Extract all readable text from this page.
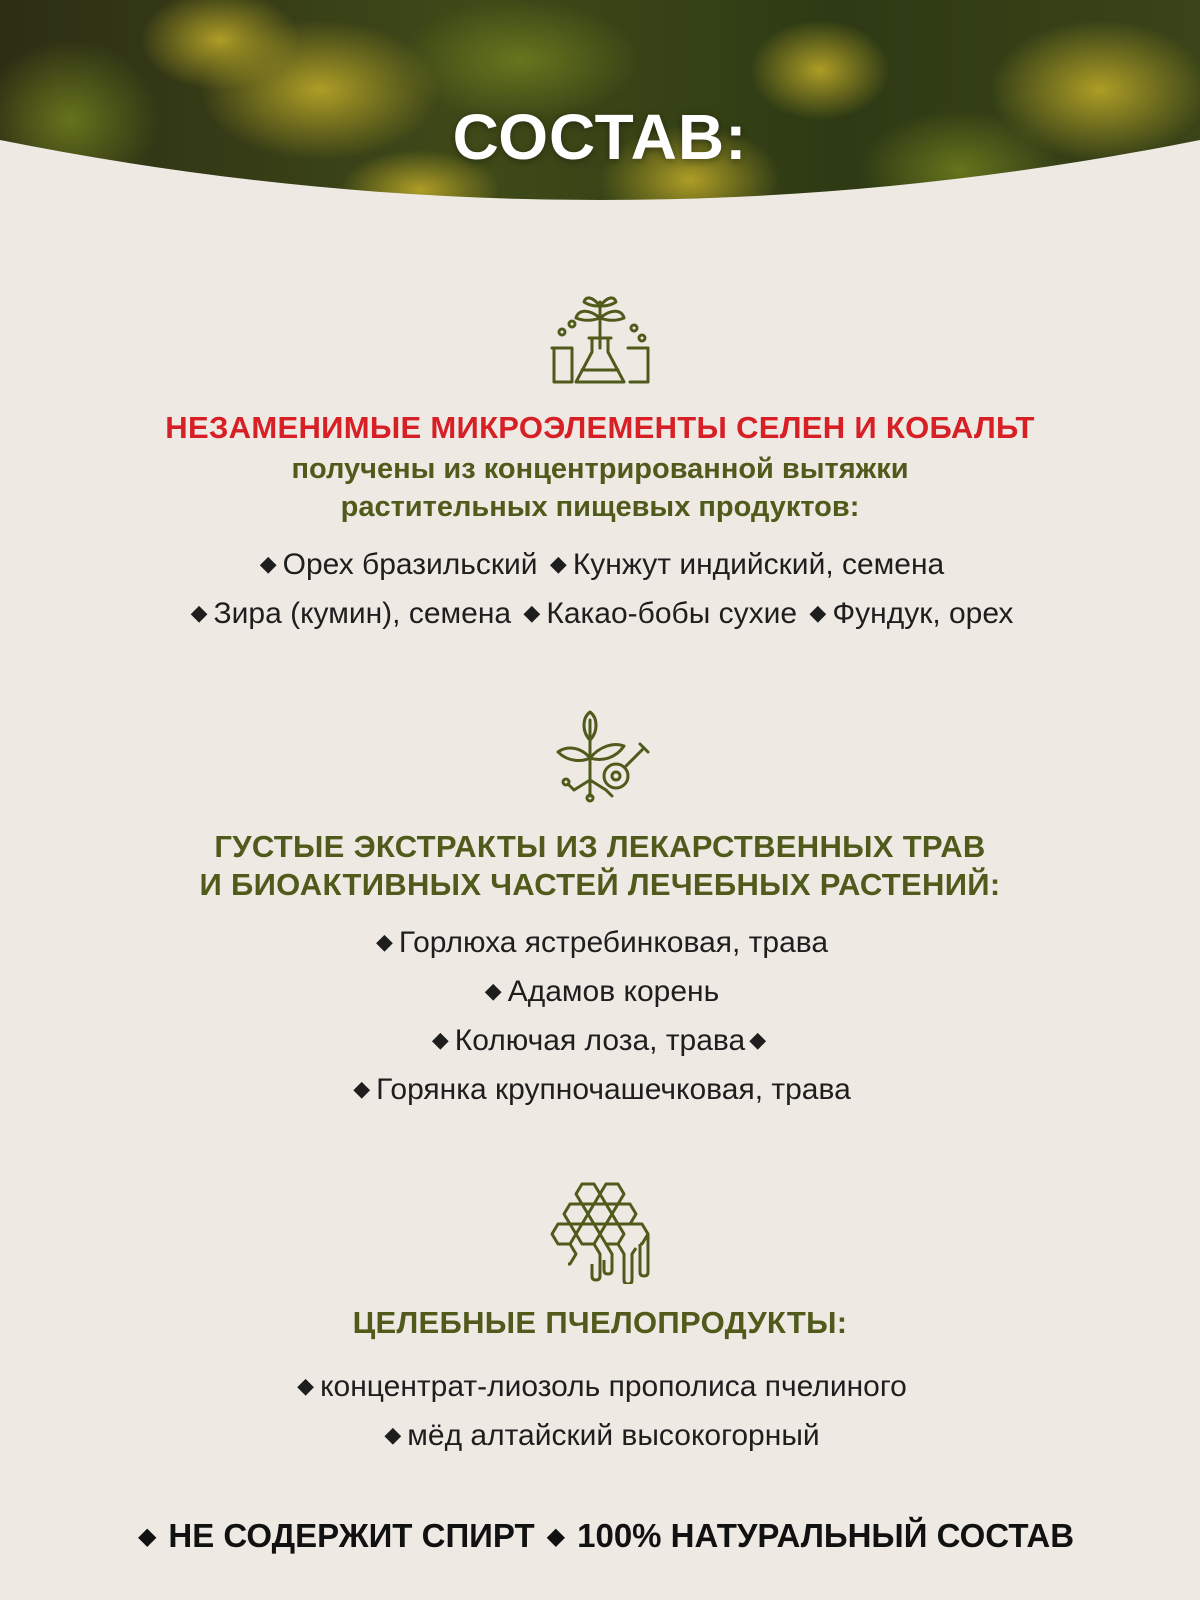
СОСТАВ:
НЕЗАМЕНИМЫЕ МИКРОЭЛЕМЕНТЫ СЕЛЕН И КОБАЛЬТ
получены из концентрированной вытяжки
растительных пищевых продуктов:
◆ Орех бразильский ◆ Кунжут индийский, семена
◆ Зира (кумин), семена ◆ Какао-бобы сухие ◆ Фундук, орех
ГУСТЫЕ ЭКСТРАКТЫ ИЗ ЛЕКАРСТВЕННЫХ ТРАВ
И БИОАКТИВНЫХ ЧАСТЕЙ ЛЕЧЕБНЫХ РАСТЕНИЙ:
◆ Горлюха ястребинковая, трава
◆ Адамов корень
◆ Колючая лоза, трава ◆
◆ Горянка крупночашечковая, трава
ЦЕЛЕБНЫЕ ПЧЕЛОПРОДУКТЫ:
◆ концентрат-лиозоль прополиса пчелиного
◆ мёд алтайский высокогорный
◆ НЕ СОДЕРЖИТ СПИРТ ◆ 100% НАТУРАЛЬНЫЙ СОСТАВ
